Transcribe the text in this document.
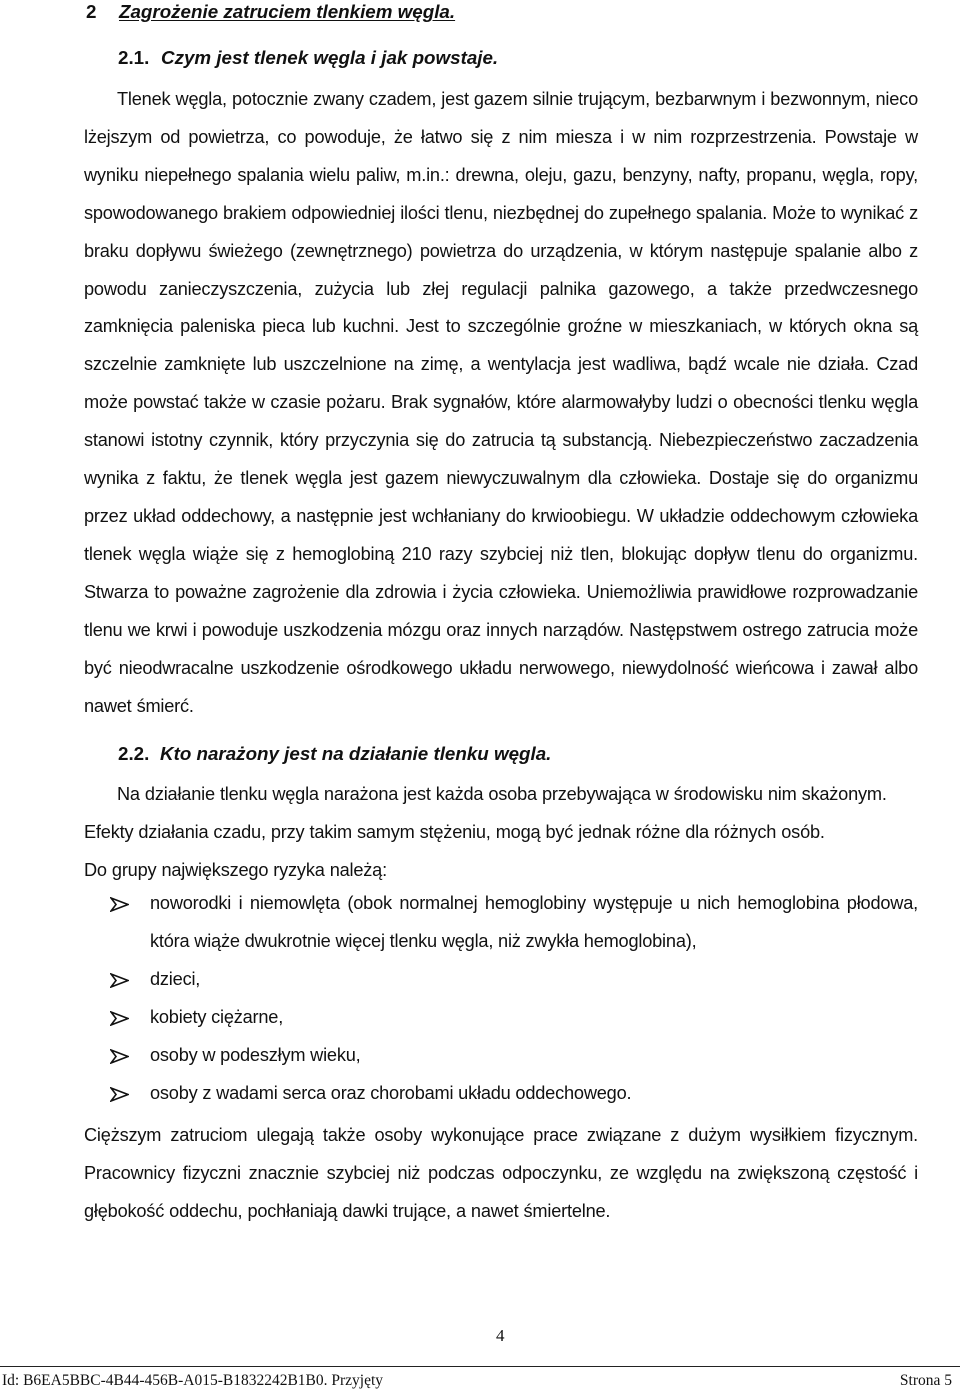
2 Zagrożenie zatruciem tlenkiem węgla.
2.1. Czym jest tlenek węgla i jak powstaje.
Tlenek węgla, potocznie zwany czadem, jest gazem silnie trującym, bezbarwnym i bezwonnym, nieco lżejszym od powietrza, co powoduje, że łatwo się z nim miesza i w nim rozprzestrzenia. Powstaje w wyniku niepełnego spalania wielu paliw, m.in.: drewna, oleju, gazu, benzyny, nafty, propanu, węgla, ropy, spowodowanego brakiem odpowiedniej ilości tlenu, niezbędnej do zupełnego spalania. Może to wynikać z braku dopływu świeżego (zewnętrznego) powietrza do urządzenia, w którym następuje spalanie albo z powodu zanieczyszczenia, zużycia lub złej regulacji palnika gazowego, a także przedwczesnego zamknięcia paleniska pieca lub kuchni. Jest to szczególnie groźne w mieszkaniach, w których okna są szczelnie zamknięte lub uszczelnione na zimę, a wentylacja jest wadliwa, bądź wcale nie działa. Czad może powstać także w czasie pożaru. Brak sygnałów, które alarmowałyby ludzi o obecności tlenku węgla stanowi istotny czynnik, który przyczynia się do zatrucia tą substancją. Niebezpieczeństwo zaczadzenia wynika z faktu, że tlenek węgla jest gazem niewyczuwalnym dla człowieka. Dostaje się do organizmu przez układ oddechowy, a następnie jest wchłaniany do krwioobiegu. W układzie oddechowym człowieka tlenek węgla wiąże się z hemoglobiną 210 razy szybciej niż tlen, blokując dopływ tlenu do organizmu. Stwarza to poważne zagrożenie dla zdrowia i życia człowieka. Uniemożliwia prawidłowe rozprowadzanie tlenu we krwi i powoduje uszkodzenia mózgu oraz innych narządów. Następstwem ostrego zatrucia może być nieodwracalne uszkodzenie ośrodkowego układu nerwowego, niewydolność wieńcowa i zawał albo nawet śmierć.
2.2. Kto narażony jest na działanie tlenku węgla.

Na działanie tlenku węgla narażona jest każda osoba przebywająca w środowisku nim skażonym.

Efekty działania czadu, przy takim samym stężeniu, mogą być jednak różne dla różnych osób.

Do grupy największego ryzyka należą:

noworodki i niemowlęta (obok normalnej hemoglobiny występuje u nich hemoglobina płodowa, która wiąże dwukrotnie więcej tlenku węgla, niż zwykła hemoglobina),
dzieci,
kobiety ciężarne,
osoby w podeszłym wieku,
osoby z wadami serca oraz chorobami układu oddechowego.
Cięższym zatruciom ulegają także osoby wykonujące prace związane z dużym wysiłkiem fizycznym. Pracownicy fizyczni znacznie szybciej niż podczas odpoczynku, ze względu na zwiększoną częstość i głębokość oddechu, pochłaniają dawki trujące, a nawet śmiertelne.
4
Id: B6EA5BBC-4B44-456B-A015-B1832242B1B0. Przyjęty	Strona 5
